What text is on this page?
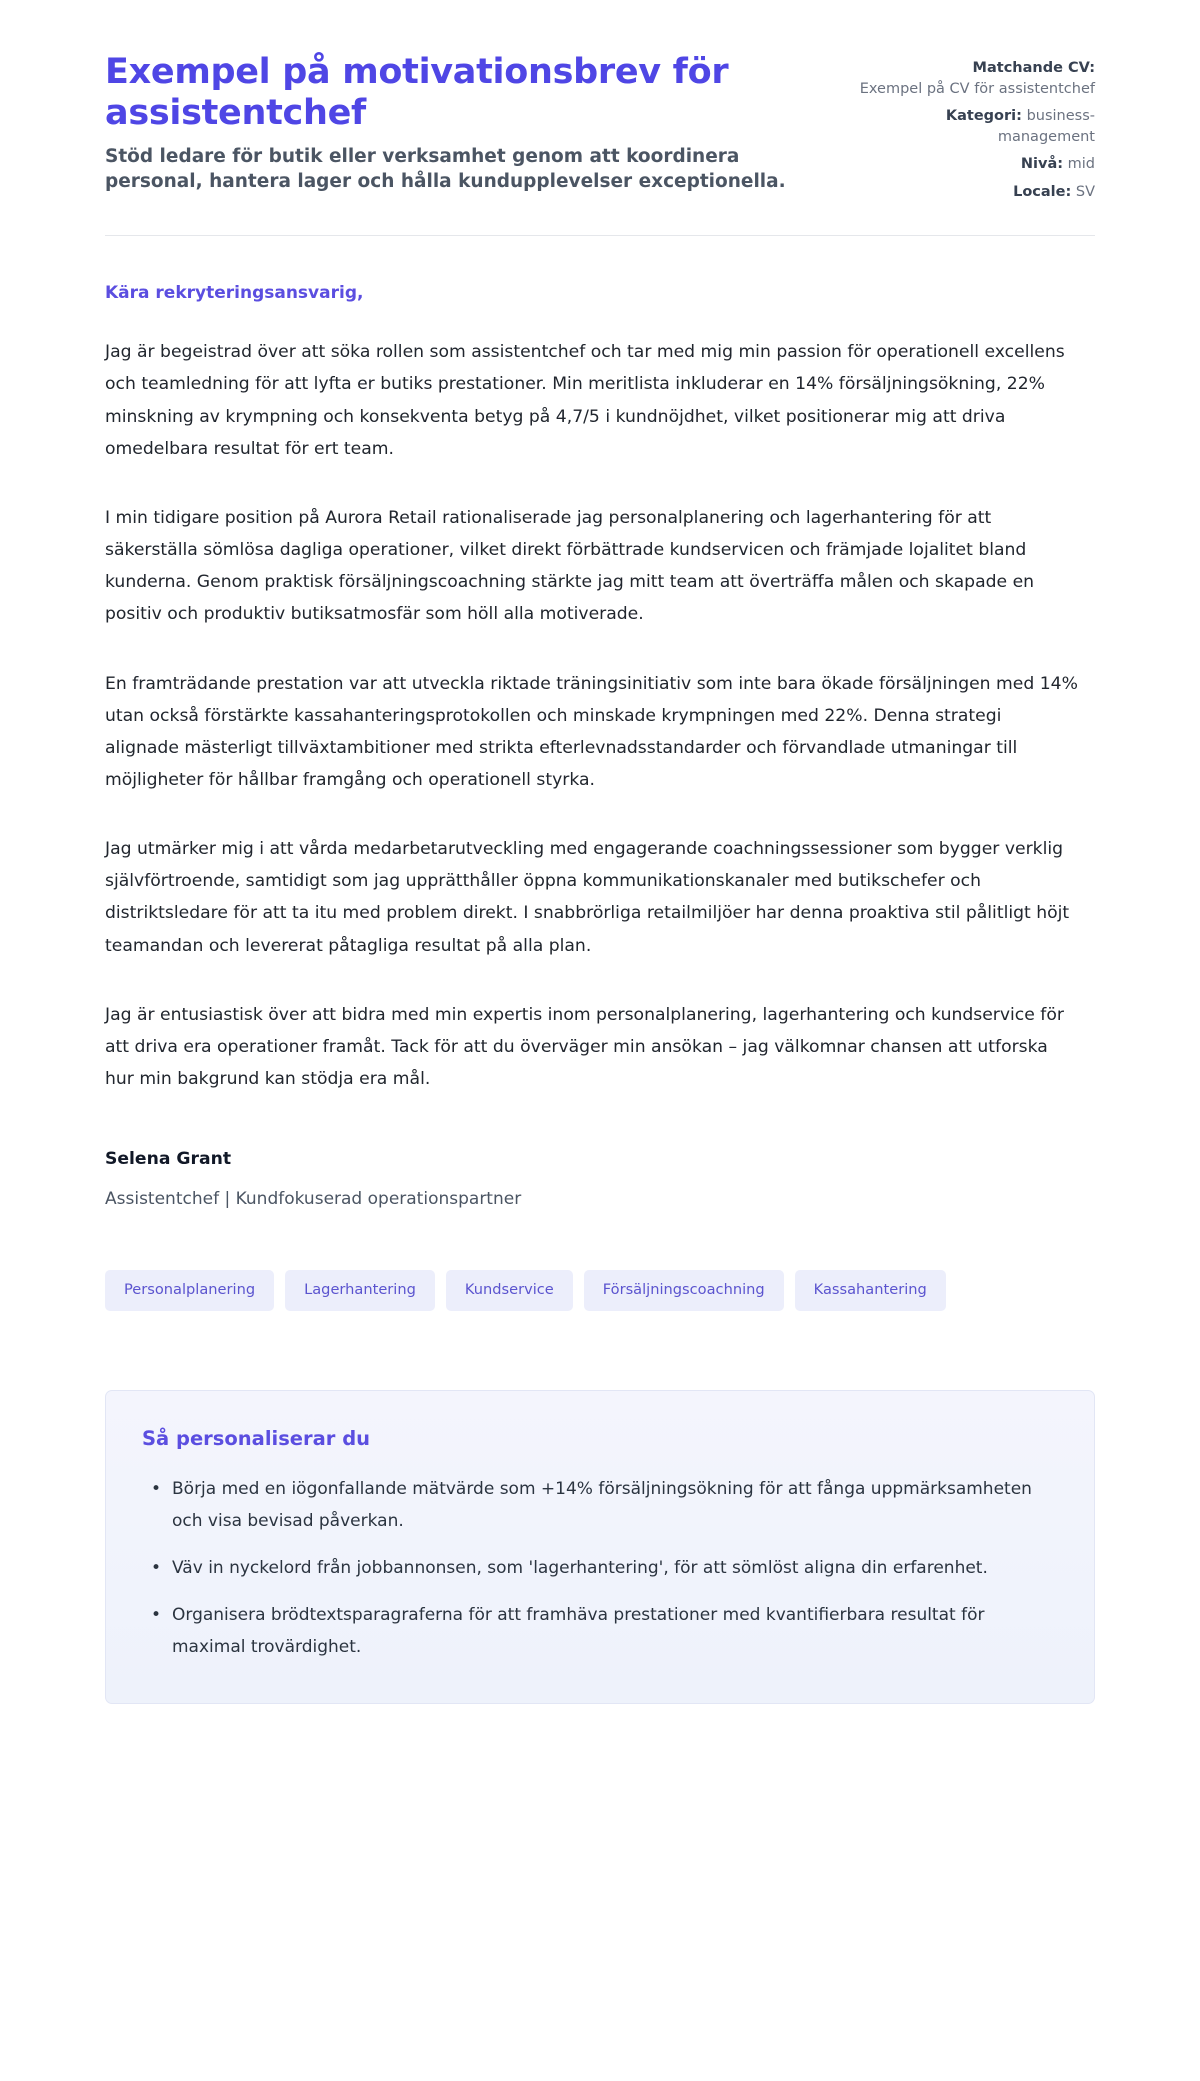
Exempel på motivationsbrev för assistentchef

Stöd ledare för butik eller verksamhet genom att koordinera personal, hantera lager och hålla kundupplevelser exceptionella.

Matchande CV:
Exempel på CV för assistentchef
Kategori: business-management
Nivå: mid
Locale: SV

Kära rekryteringsansvarig,

Jag är begeistrad över att söka rollen som assistentchef och tar med mig min passion för operationell excellens och teamledning för att lyfta er butiks prestationer. Min meritlista inkluderar en 14% försäljningsökning, 22% minskning av krympning och konsekventa betyg på 4,7/5 i kundnöjdhet, vilket positionerar mig att driva omedelbara resultat för ert team.

I min tidigare position på Aurora Retail rationaliserade jag personalplanering och lagerhantering för att säkerställa sömlösa dagliga operationer, vilket direkt förbättrade kundservicen och främjade lojalitet bland kunderna. Genom praktisk försäljningscoachning stärkte jag mitt team att överträffa målen och skapade en positiv och produktiv butiksatmosfär som höll alla motiverade.

En framträdande prestation var att utveckla riktade träningsinitiativ som inte bara ökade försäljningen med 14% utan också förstärkte kassahanteringsprotokollen och minskade krympningen med 22%. Denna strategi alignade mästerligt tillväxtambitioner med strikta efterlevnadsstandarder och förvandlade utmaningar till möjligheter för hållbar framgång och operationell styrka.

Jag utmärker mig i att vårda medarbetarutveckling med engagerande coachningssessioner som bygger verklig självförtroende, samtidigt som jag upprätthåller öppna kommunikationskanaler med butikschefer och distriktsledare för att ta itu med problem direkt. I snabbrörliga retailmiljöer har denna proaktiva stil pålitligt höjt teamandan och levererat påtagliga resultat på alla plan.

Jag är entusiastisk över att bidra med min expertis inom personalplanering, lagerhantering och kundservice för att driva era operationer framåt. Tack för att du överväger min ansökan – jag välkomnar chansen att utforska hur min bakgrund kan stödja era mål.

Selena Grant

Assistentchef | Kundfokuserad operationspartner

Personalplanering	Lagerhantering	Kundservice	Försäljningscoachning	Kassahantering
Så personaliserar du
• Börja med en iögonfallande mätvärde som +14% försäljningsökning för att fånga uppmärksamheten och visa bevisad påverkan.
• Väv in nyckelord från jobbannonsen, som 'lagerhantering', för att sömlöst aligna din erfarenhet.
• Organisera brödtextsparagraferna för att framhäva prestationer med kvantifierbara resultat för maximal trovärdighet.
